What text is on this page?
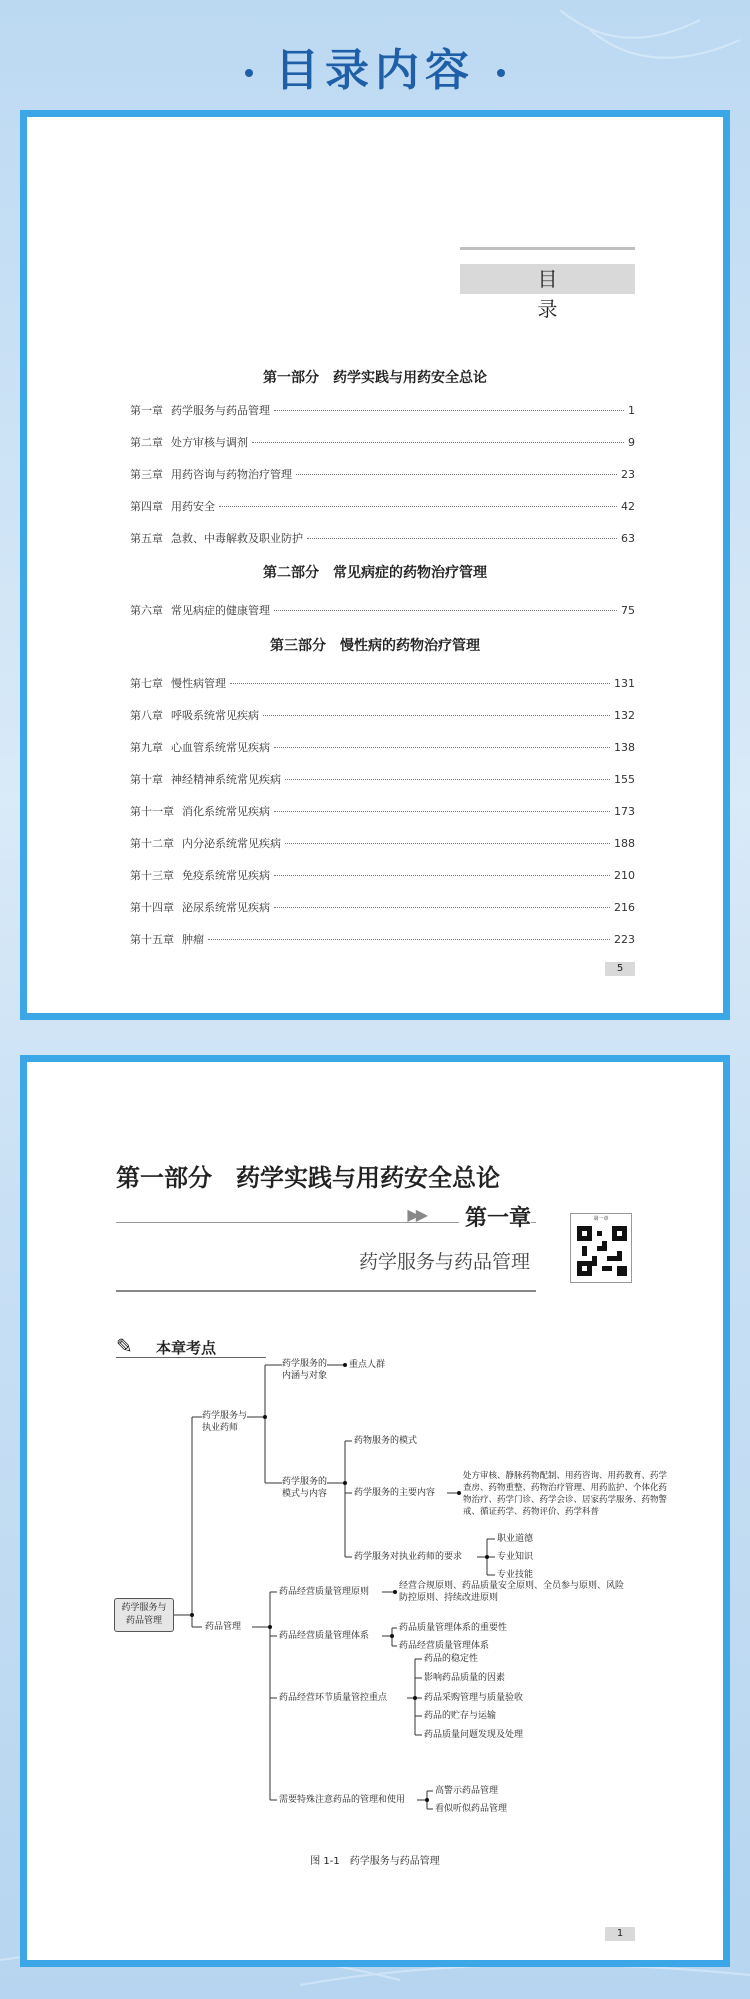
目录内容
目 录
第一部分　药学实践与用药安全总论
第一章 药学服务与药品管理	1
第二章 处方审核与调剂	9
第三章 用药咨询与药物治疗管理	23
第四章 用药安全	42
第五章 急救、中毒解救及职业防护	63
第二部分　常见病症的药物治疗管理
第六章 常见病症的健康管理	75
第三部分　慢性病的药物治疗管理
第七章 慢性病管理	131
第八章 呼吸系统常见疾病	132
第九章 心血管系统常见疾病	138
第十章 神经精神系统常见疾病	155
第十一章 消化系统常见疾病	173
第十二章 内分泌系统常见疾病	188
第十三章 免疫系统常见疾病	210
第十四章 泌尿系统常见疾病	216
第十五章 肿瘤	223
5
第一部分　药学实践与用药安全总论
▶▶ 第一章
药学服务与药品管理
第一章
✎ 本章考点
药学服务与药品管理
药学服务与执业药师
药学服务的内涵与对象
重点人群
药学服务的模式与内容
药物服务的模式
药学服务的主要内容
处方审核、静脉药物配制、用药咨询、用药教育、药学查房、药物重整、药物治疗管理、用药监护、个体化药物治疗、药学门诊、药学会诊、居家药学服务、药物警戒、循证药学、药物评价、药学科普
药学服务对执业药师的要求
职业道德
专业知识
专业技能
药品管理
药品经营质量管理原则
经营合规原则、药品质量安全原则、全员参与原则、风险防控原则、持续改进原则
药品经营质量管理体系
药品质量管理体系的重要性
药品经营质量管理体系
药品经营环节质量管控重点
药品的稳定性
影响药品质量的因素
药品采购管理与质量验收
药品的贮存与运输
药品质量问题发现及处理
需要特殊注意药品的管理和使用
高警示药品管理
看似听似药品管理
图 1-1　药学服务与药品管理
1
